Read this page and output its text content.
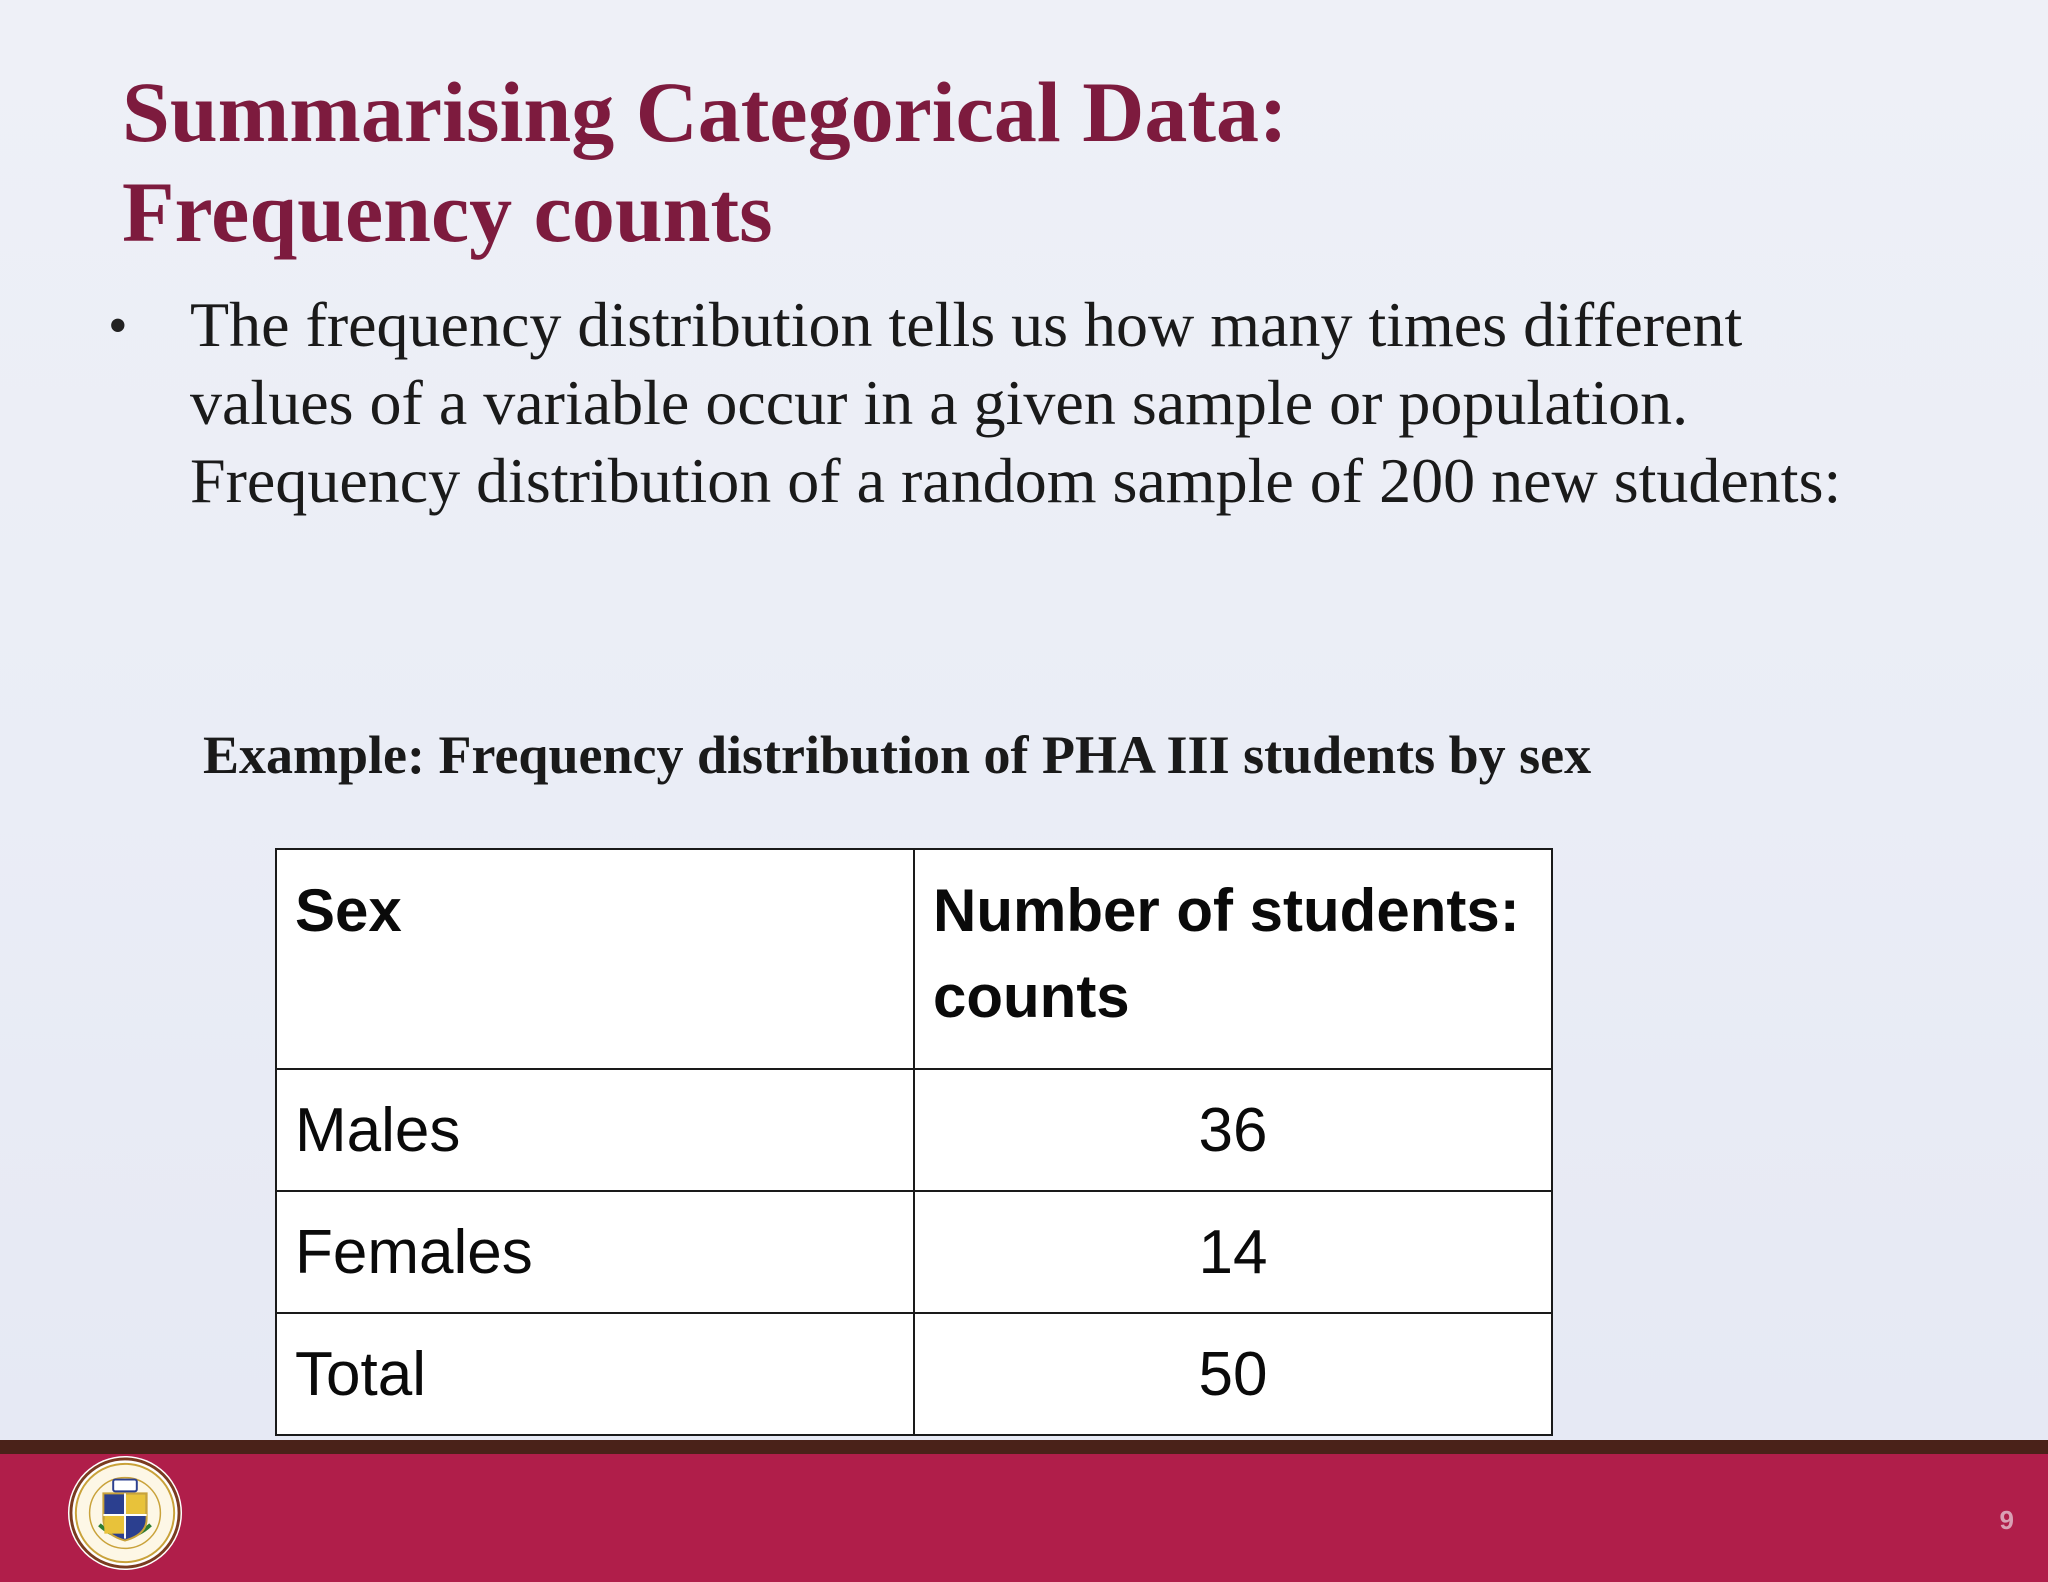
Summarising Categorical Data:
Frequency counts
• The frequency distribution tells us how many times different values of a variable occur in a given sample or population. Frequency distribution of a random sample of 200 new students:

Example: Frequency distribution of PHA III students by sex

Sex	Number of students: counts
Males	36
Females	14
Total	50
9
